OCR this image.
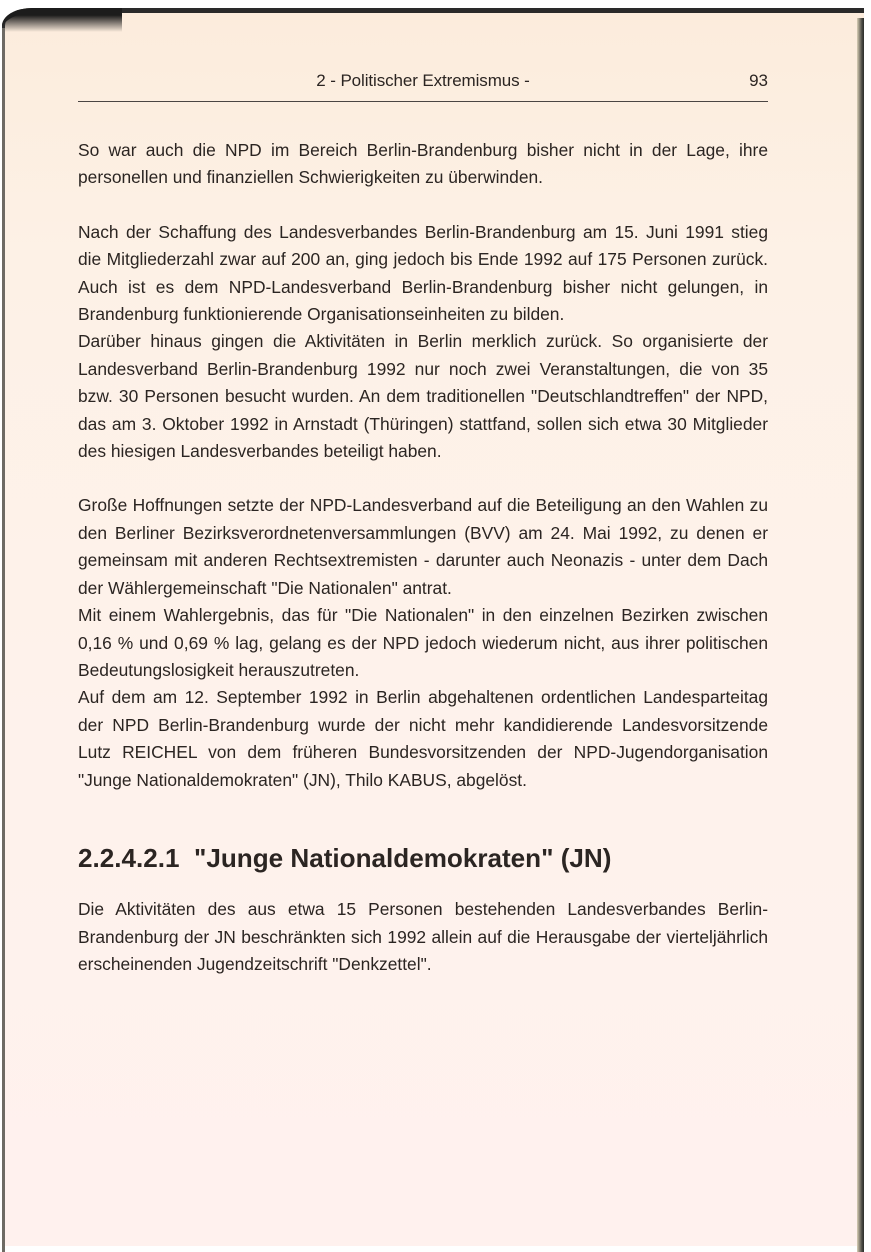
2 - Politischer Extremismus -	93

So war auch die NPD im Bereich Berlin-Brandenburg bisher nicht in der Lage, ihre personellen und finanziellen Schwierigkeiten zu überwinden.

Nach der Schaffung des Landesverbandes Berlin-Brandenburg am 15. Juni 1991 stieg die Mitgliederzahl zwar auf 200 an, ging jedoch bis Ende 1992 auf 175 Personen zurück. Auch ist es dem NPD-Landesverband Berlin-Brandenburg bisher nicht gelungen, in Brandenburg funktionierende Organisationseinheiten zu bilden.

Darüber hinaus gingen die Aktivitäten in Berlin merklich zurück. So organisierte der Landesverband Berlin-Brandenburg 1992 nur noch zwei Veranstaltungen, die von 35 bzw. 30 Personen besucht wurden. An dem traditionellen "Deutschlandtreffen" der NPD, das am 3. Oktober 1992 in Arnstadt (Thüringen) stattfand, sollen sich etwa 30 Mitglieder des hiesigen Landesverbandes beteiligt haben.

Große Hoffnungen setzte der NPD-Landesverband auf die Beteiligung an den Wahlen zu den Berliner Bezirksverordnetenversammlungen (BVV) am 24. Mai 1992, zu denen er gemeinsam mit anderen Rechtsextremisten - darunter auch Neonazis - unter dem Dach der Wählergemeinschaft "Die Nationalen" antrat.

Mit einem Wahlergebnis, das für "Die Nationalen" in den einzelnen Bezirken zwischen 0,16 % und 0,69 % lag, gelang es der NPD jedoch wiederum nicht, aus ihrer politischen Bedeutungslosigkeit herauszutreten.

Auf dem am 12. September 1992 in Berlin abgehaltenen ordentlichen Landesparteitag der NPD Berlin-Brandenburg wurde der nicht mehr kandidierende Landesvorsitzende Lutz REICHEL von dem früheren Bundesvorsitzenden der NPD-Jugendorganisation "Junge Nationaldemokraten" (JN), Thilo KABUS, abgelöst.

2.2.4.2.1 "Junge Nationaldemokraten" (JN)

Die Aktivitäten des aus etwa 15 Personen bestehenden Landesverbandes Berlin-Brandenburg der JN beschränkten sich 1992 allein auf die Herausgabe der vierteljährlich erscheinenden Jugendzeitschrift "Denkzettel".
